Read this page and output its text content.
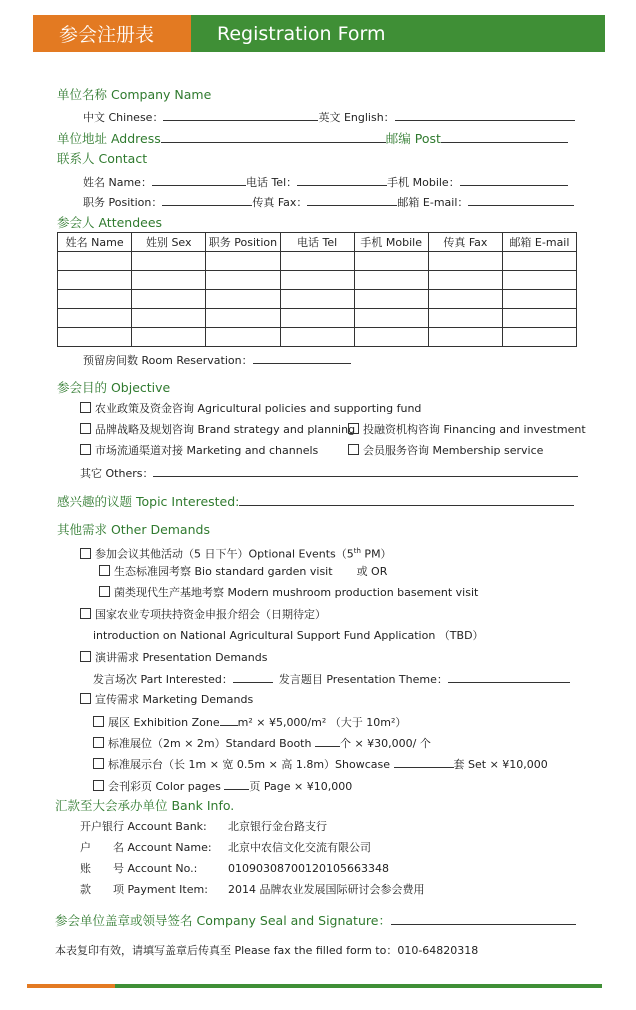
参会注册表	Registration Form
单位名称 Company Name
中文 Chinese：	英文 English：
单位地址 Address	邮编 Post
联系人 Contact
姓名 Name：	电话 Tel：	手机 Mobile：
职务 Position：	传真 Fax：	邮箱 E-mail：
参会人 Attendees
姓名 Name	姓别 Sex	职务 Position	电话 Tel	手机 Mobile	传真 Fax	邮箱 E-mail

预留房间数 Room Reservation：
参会目的 Objective
农业政策及资金咨询 Agricultural policies and supporting fund
品牌战略及规划咨询 Brand strategy and planning 投融资机构咨询 Financing and investment
市场流通渠道对接 Marketing and channels	会员服务咨询 Membership service
其它 Others：
感兴趣的议题 Topic Interested:
其他需求 Other Demands
参加会议其他活动（5 日下午）Optional Events（5th PM）
生态标准园考察 Bio standard garden visit 或 OR
菌类现代生产基地考察 Modern mushroom production basement visit
国家农业专项扶持资金申报介绍会（日期待定）
introduction on National Agricultural Support Fund Application （TBD）
演讲需求 Presentation Demands
发言场次 Part Interested：	发言题目 Presentation Theme：
宣传需求 Marketing Demands
展区 Exhibition Zone m² × ¥5,000/m² （大于 10m²）
标准展位（2m × 2m）Standard Booth 个 × ¥30,000/ 个
标准展示台（长 1m × 宽 0.5m × 高 1.8m）Showcase	套 Set × ¥10,000
会刊彩页 Color pages 页 Page × ¥10,000
汇款至大会承办单位 Bank Info.
开户银行 Account Bank: 北京银行金台路支行
户　　名 Account Name: 北京中农信文化交流有限公司
账　　号 Account No.:	01090308700120105663348
款　　项 Payment Item: 2014 品牌农业发展国际研讨会参会费用
参会单位盖章或领导签名 Company Seal and Signature：
本表复印有效，请填写盖章后传真至 Please fax the filled form to：010-64820318
